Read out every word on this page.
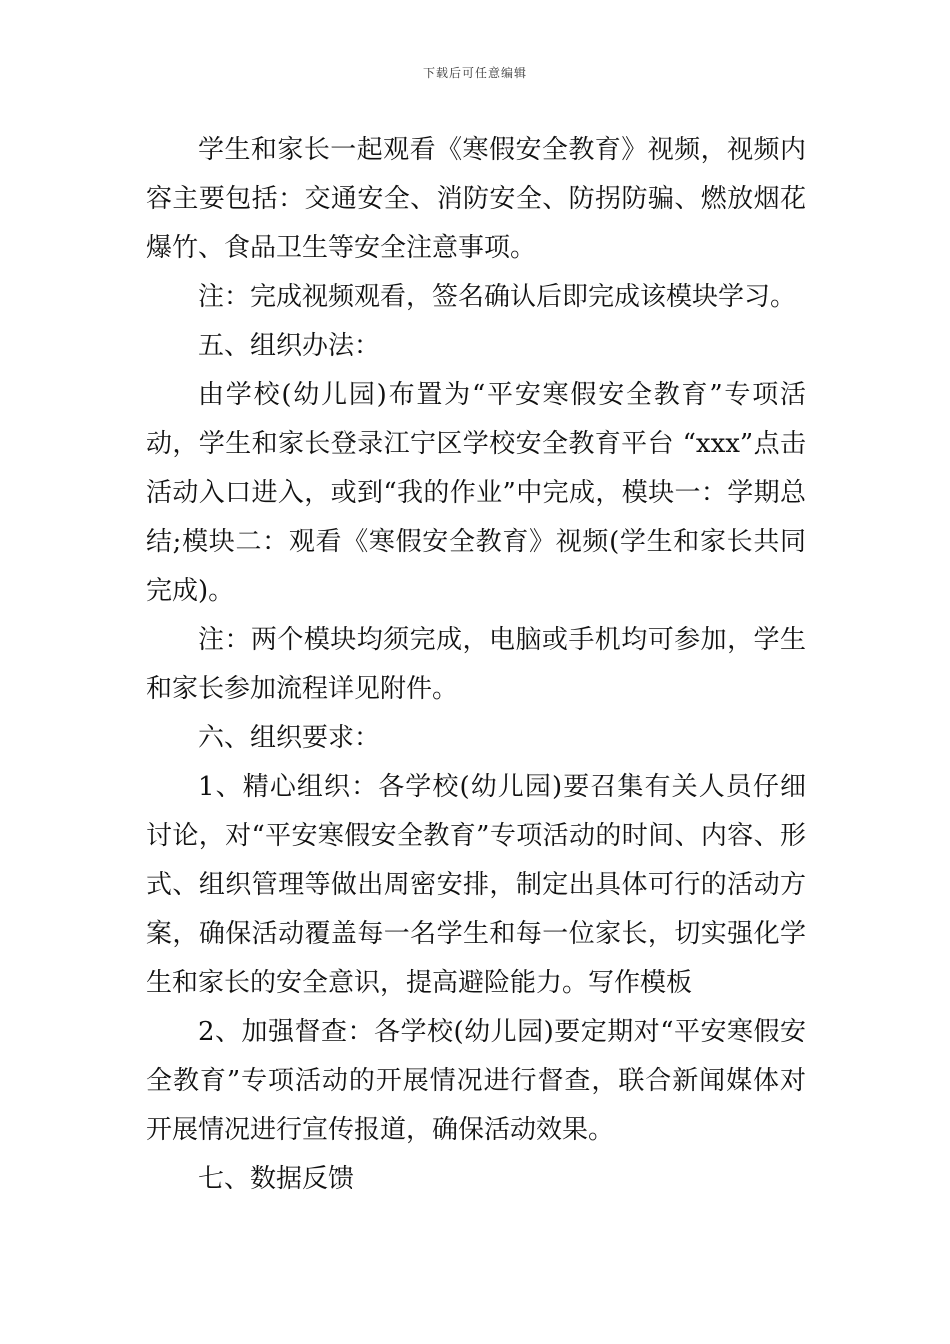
下载后可任意编辑

学生和家长一起观看《寒假安全教育》视频，视频内容主要包括：交通安全、消防安全、防拐防骗、燃放烟花爆竹、食品卫生等安全注意事项。

注：完成视频观看，签名确认后即完成该模块学习。

五、组织办法：

由学校(幼儿园)布置为“平安寒假安全教育”专项活动，学生和家长登录江宁区学校安全教育平台 “xxx”点击活动入口进入，或到“我的作业”中完成，模块一：学期总结;模块二：观看《寒假安全教育》视频(学生和家长共同完成)。

注：两个模块均须完成，电脑或手机均可参加，学生和家长参加流程详见附件。

六、组织要求：

1、精心组织：各学校(幼儿园)要召集有关人员仔细讨论，对“平安寒假安全教育”专项活动的时间、内容、形式、组织管理等做出周密安排，制定出具体可行的活动方案，确保活动覆盖每一名学生和每一位家长，切实强化学生和家长的安全意识，提高避险能力。写作模板

2、加强督查：各学校(幼儿园)要定期对“平安寒假安全教育”专项活动的开展情况进行督查，联合新闻媒体对开展情况进行宣传报道，确保活动效果。

七、数据反馈
